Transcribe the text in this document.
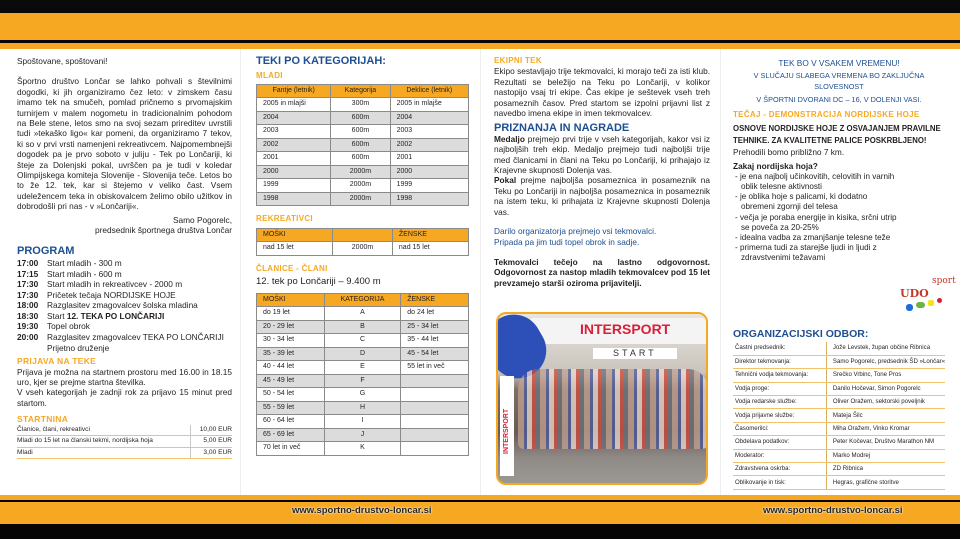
Spoštovane, spoštovani!

Športno društvo Lončar se lahko pohvali s številnimi dogodki, ki jih organiziramo čez leto: v zimskem času imamo tek na smučeh, pomlad pričnemo s prvomajskim turnirjem v malem nogometu in tradicionalnim pohodom na Bele stene, letos smo na svoj sezam prireditev uvrstili tudi »tekaško ligo« kar pomeni, da organiziramo 7 tekov, ki so v prvi vrsti namenjeni rekreativcem. Najpomembnejši dogodek pa je prvo soboto v juliju - Tek po Lončariji, ki šteje za Dolenjski pokal, uvrščen pa je tudi v koledar Olimpijskega komiteja Slovenije - Slovenija teče. Letos bo to že 12. tek, kar si štejemo v veliko čast. Vsem udeležencem teka in obiskovalcem želimo obilo užitkov in dobrodošli pri nas - v »Lončariji«.

Samo Pogorelc,

predsednik športnega društva Lončar

PROGRAM
17:00	Start mladih - 300 m
17:15	Start mladih - 600 m
17:30	Start mladih in rekreativcev - 2000 m
17:30	Pričetek tečaja NORDIJSKE HOJE
18:00	Razglasitev zmagovalcev šolska mladina
18:30	Start 12. TEKA PO LONČARIJI
19:30	Topel obrok
20:00	Razglasitev zmagovalcev TEKA PO LONČARIJI
Prijetno druženje
PRIJAVA NA TEKE

Prijava je možna na startnem prostoru med 16.00 in 18.15 uro, kjer se prejme startna številka.

V vseh kategorijah je zadnji rok za prijavo 15 minut pred startom.

STARTNINA
Članice, člani, rekreativci	10,00 EUR
Mladi do 15 let na članski tekmi, nordijska hoja	5,00 EUR
Mladi	3,00 EUR
TEKI PO KATEGORIJAH:
MLADI
Fantje (letnik)	Kategorija	Deklice (letnik)
2005 in mlajši	300m	2005 in mlajše
2004	600m	2004
2003	600m	2003
2002	600m	2002
2001	600m	2001
2000	2000m	2000
1999	2000m	1999
1998	2000m	1998
REKREATIVCI
MOŠKI		ŽENSKE
nad 15 let	2000m	nad 15 let
ČLANICE - ČLANI

12. tek po Lončariji – 9.400 m

MOŠKI	KATEGORIJA	ŽENSKE
do 19 let	A	do 24 let
20 - 29 let	B	25 - 34 let
30 - 34 let	C	35 - 44 let
35 - 39 let	D	45 - 54 let
40 - 44 let	E	55 let in več
45 - 49 let	F	
50 - 54 let	G	
55 - 59 let	H	
60 - 64 let	I	
65 - 69 let	J	
70 let in več	K	
EKIPNI TEK

Ekipo sestavljajo trije tekmovalci, ki morajo teči za isti klub. Rezultati se beležijo na Teku po Lončariji, v kolikor nastopijo vsaj tri ekipe. Čas ekipe je seštevek vseh treh posameznih časov. Pred startom se izpolni prijavni list z navedbo imena ekipe in imen tekmovalcev.

PRIZNANJA IN NAGRADE

Medaljo prejmejo prvi trije v vseh kategorijah, kakor vsi iz najboljših treh ekip. Medaljo prejmejo tudi najboljši trije med članicami in člani na Teku po Lončariji, ki prihajajo iz Krajevne skupnosti Dolenja vas.

Pokal prejme najboljša posameznica in posameznik na Teku po Lončariji in najboljša posameznica in posameznik na istem teku, ki prihajata iz Krajevne skupnosti Dolenja vas.

Darilo organizatorja prejmejo vsi tekmovalci. Pripada pa jim tudi topel obrok in sadje.

Tekmovalci tečejo na lastno odgovornost. Odgovornost za nastop mladih tekmovalcev pod 15 let prevzamejo starši oziroma prijavitelji.

INTERSPORT
START
INTERSPORT

TEK BO V VSAKEM VREMENU!

V SLUČAJU SLABEGA VREMENA BO ZAKLJUČNA SLOVESNOST

V ŠPORTNI DVORANI DC – 16, V DOLENJI VASI.

TEČAJ - DEMONSTRACIJA NORDIJSKE HOJE

OSNOVE NORDIJSKE HOJE Z OSVAJANJEM PRAVILNE TEHNIKE. ZA KVALITETNE PALICE POSKRBLJENO!

Prehodili bomo približno 7 km.

Zakaj nordijska hoja?

- je ena najbolj učinkovitih, celovitih in varnih oblik telesne aktivnosti
- je oblika hoje s palicami, ki dodatno obremeni zgornji del telesa
- večja je poraba energije in kisika, srčni utrip se poveča za 20-25%
- idealna vadba za zmanjšanje telesne teže
- primerna tudi za starejše ljudi in ljudi z zdravstvenimi težavami
ORGANIZACIJSKI ODBOR:
Častni predsednik:	Jože Levstek, župan občine Ribnica
Direktor tekmovanja:	Samo Pogorelc, predsednik ŠD »Lončar«
Tehnični vodja tekmovanja:	Srečko Vrbinc, Tone Pros
Vodja proge:	Danilo Hočevar, Simon Pogorelc
Vodja redarske službe:	Oliver Oražem, sektorski poveljnik
Vodja prijavne službe:	Mateja Šilc
Časomerilci:	Miha Oražem, Vinko Kromar
Obdelava podatkov:	Peter Kočevar, Društvo Marathon NM
Moderator:	Marko Modrej
Zdravstvena oskrba:	ZD Ribnica
Oblikovanje in tisk:	Hegras, grafične storitve
UDO
sport
www.sportno-drustvo-loncar.si	www.sportno-drustvo-loncar.si
